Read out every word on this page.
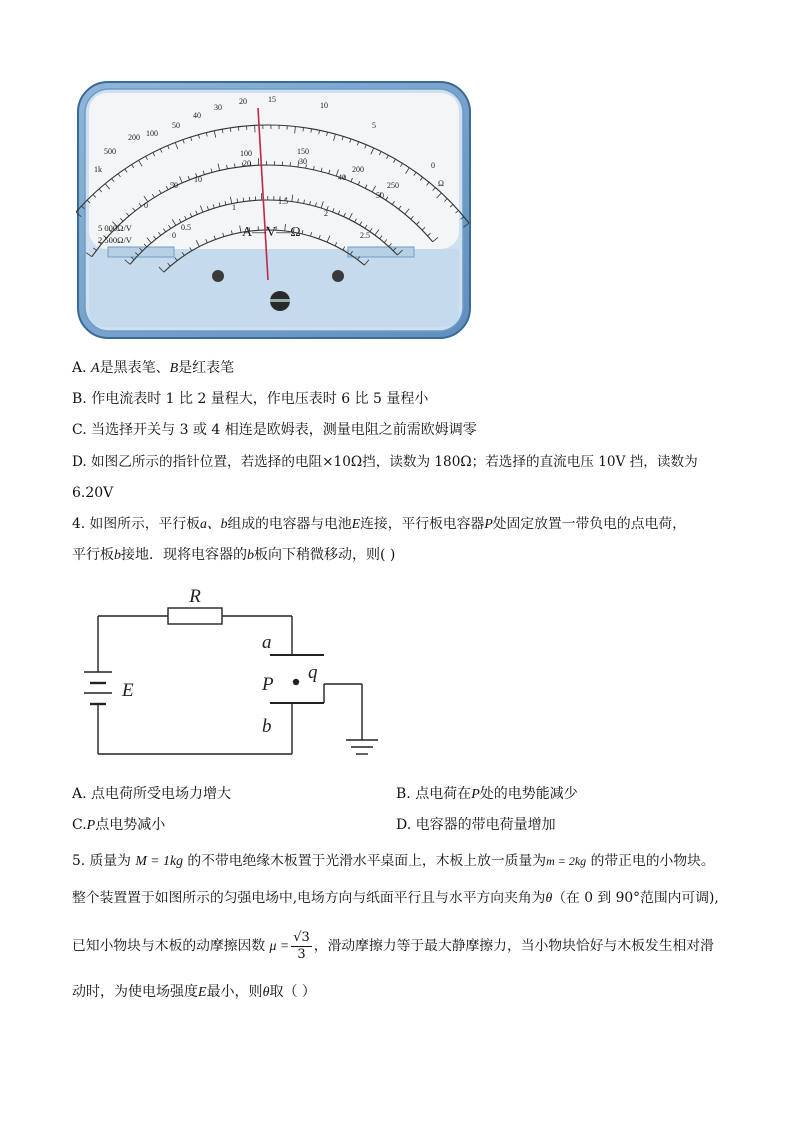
1k
500
200 100
50
40
30
20	15
10
5
0
Ω
100	150
200
250
20	30
40
50
0
50
10
0.5
1
1.5
2
2.5
0	A—V—Ω
5 000Ω/V
2 500Ω/V
A. A是黑表笔、B是红表笔
B. 作电流表时 1 比 2 量程大，作电压表时 6 比 5 量程小
C. 当选择开关与 3 或 4 相连是欧姆表，测量电阻之前需欧姆调零
D. 如图乙所示的指针位置，若选择的电阻×10Ω挡，读数为 180Ω；若选择的直流电压 10V 挡，读数为
6.20V
4. 如图所示，平行板a、b组成的电容器与电池E连接，平行板电容器P处固定放置一带负电的点电荷，
平行板b接地．现将电容器的b板向下稍微移动，则( )
R
E
a
b
P
q
A. 点电荷所受电场力增大	B. 点电荷在P处的电势能减少
C.P点电势减小	D. 电容器的带电荷量增加
5. 质量为 M = 1kg 的不带电绝缘木板置于光滑水平桌面上，木板上放一质量为m = 2kg 的带正电的小物块。
整个装置置于如图所示的匀强电场中,电场方向与纸面平行且与水平方向夹角为θ（在 0 到 90°范围内可调),
已知小物块与木板的动摩擦因数 $\mu = \frac{√3}{3}$ ，滑动摩擦力等于最大静摩擦力，当小物块恰好与木板发生相对滑
动时，为使电场强度E最小，则θ取（ ）
